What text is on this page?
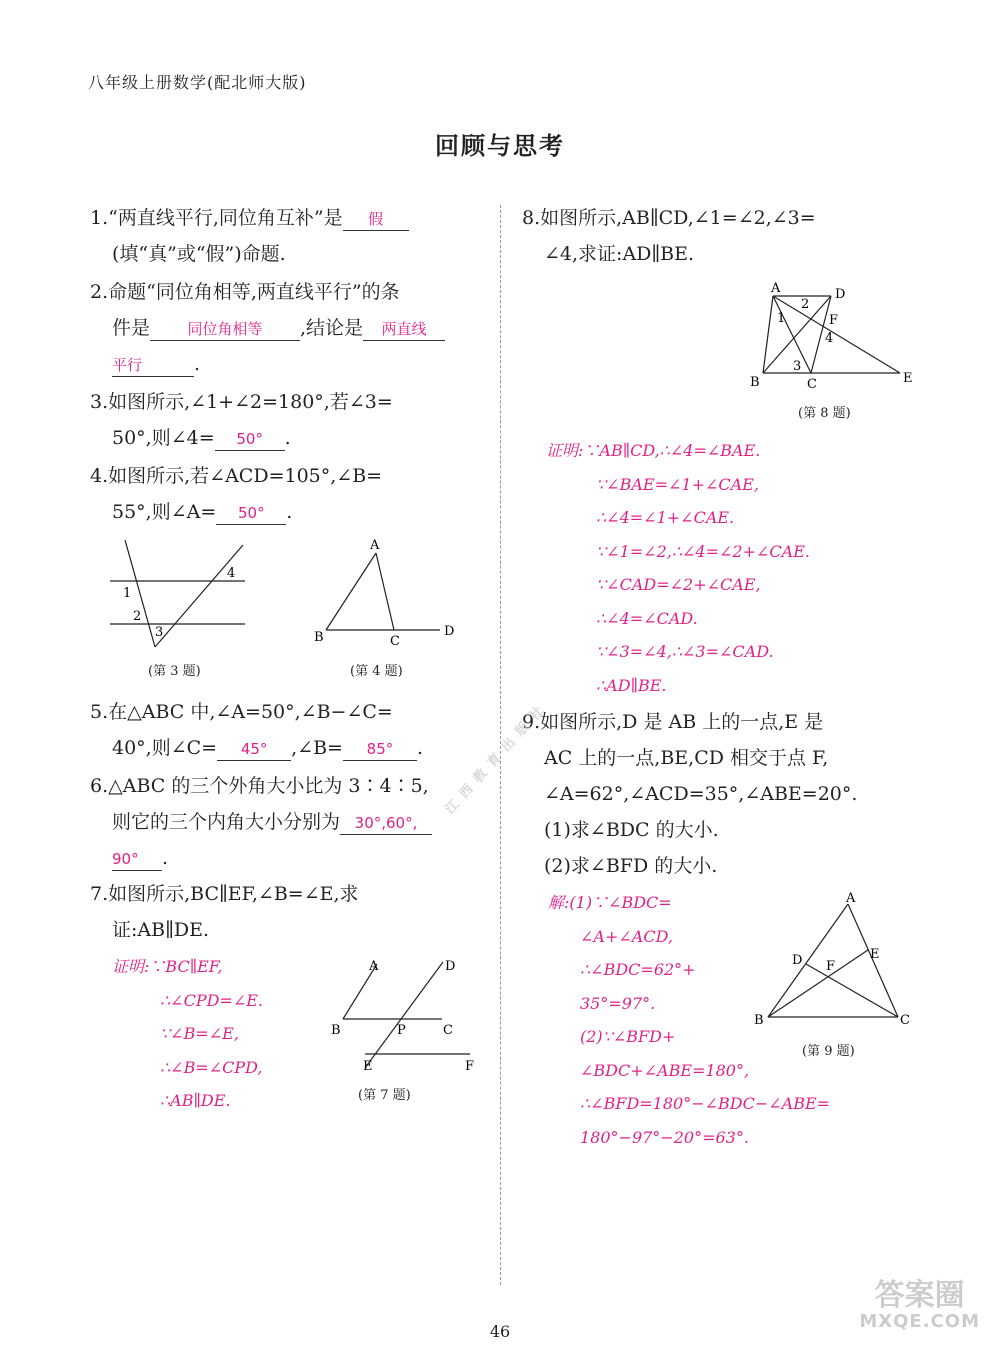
八年级上册数学(配北师大版)
回顾与思考
1.“两直线平行,同位角互补”是 假
(填“真”或“假”)命题.
2.命题“同位角相等,两直线平行”的条
件是 同位角相等 ,结论是 两直线
平行	.
3.如图所示,∠1+∠2=180°,若∠3=
50°,则∠4= 50° .
4.如图所示,若∠ACD=105°,∠B=
55°,则∠A= 50° .
4
1
2
3
(第 3 题)
A
B	C
D
(第 4 题)
5.在△ABC 中,∠A=50°,∠B−∠C=
40°,则∠C= 45° ,∠B= 85° .
6.△ABC 的三个外角大小比为 3∶4∶5,
则它的三个内角大小分别为 30°,60°,
90° .
7.如图所示,BC∥EF,∠B=∠E,求
证:AB∥DE.
证明:∵BC∥EF,
∴∠CPD=∠E.
∵∠B=∠E,
∴∠B=∠CPD,
∴AB∥DE.
A	D
B	P	C
E	F
(第 7 题)
8.如图所示,AB∥CD,∠1=∠2,∠3=
∠4,求证:AD∥BE.
A	D
2
1	F
4
3
B	C	E
(第 8 题)
证明:∵AB∥CD,∴∠4=∠BAE.
∵∠BAE=∠1+∠CAE,
∴∠4=∠1+∠CAE.
∵∠1=∠2,∴∠4=∠2+∠CAE.
∵∠CAD=∠2+∠CAE,
∴∠4=∠CAD.
∵∠3=∠4,∴∠3=∠CAD.
∴AD∥BE.
9.如图所示,D 是 AB 上的一点,E 是
AC 上的一点,BE,CD 相交于点 F,
∠A=62°,∠ACD=35°,∠ABE=20°.
(1)求∠BDC 的大小.
(2)求∠BFD 的大小.
解:(1)∵∠BDC=
∠A+∠ACD,
∴∠BDC=62°+
35°=97°.
(2)∵∠BFD+
∠BDC+∠ABE=180°,
∴∠BFD=180°−∠BDC−∠ABE=
180°−97°−20°=63°.
A
D	E
F
B	C
(第 9 题)
46
江西教育出版社
答案圈
MXQE.COM
